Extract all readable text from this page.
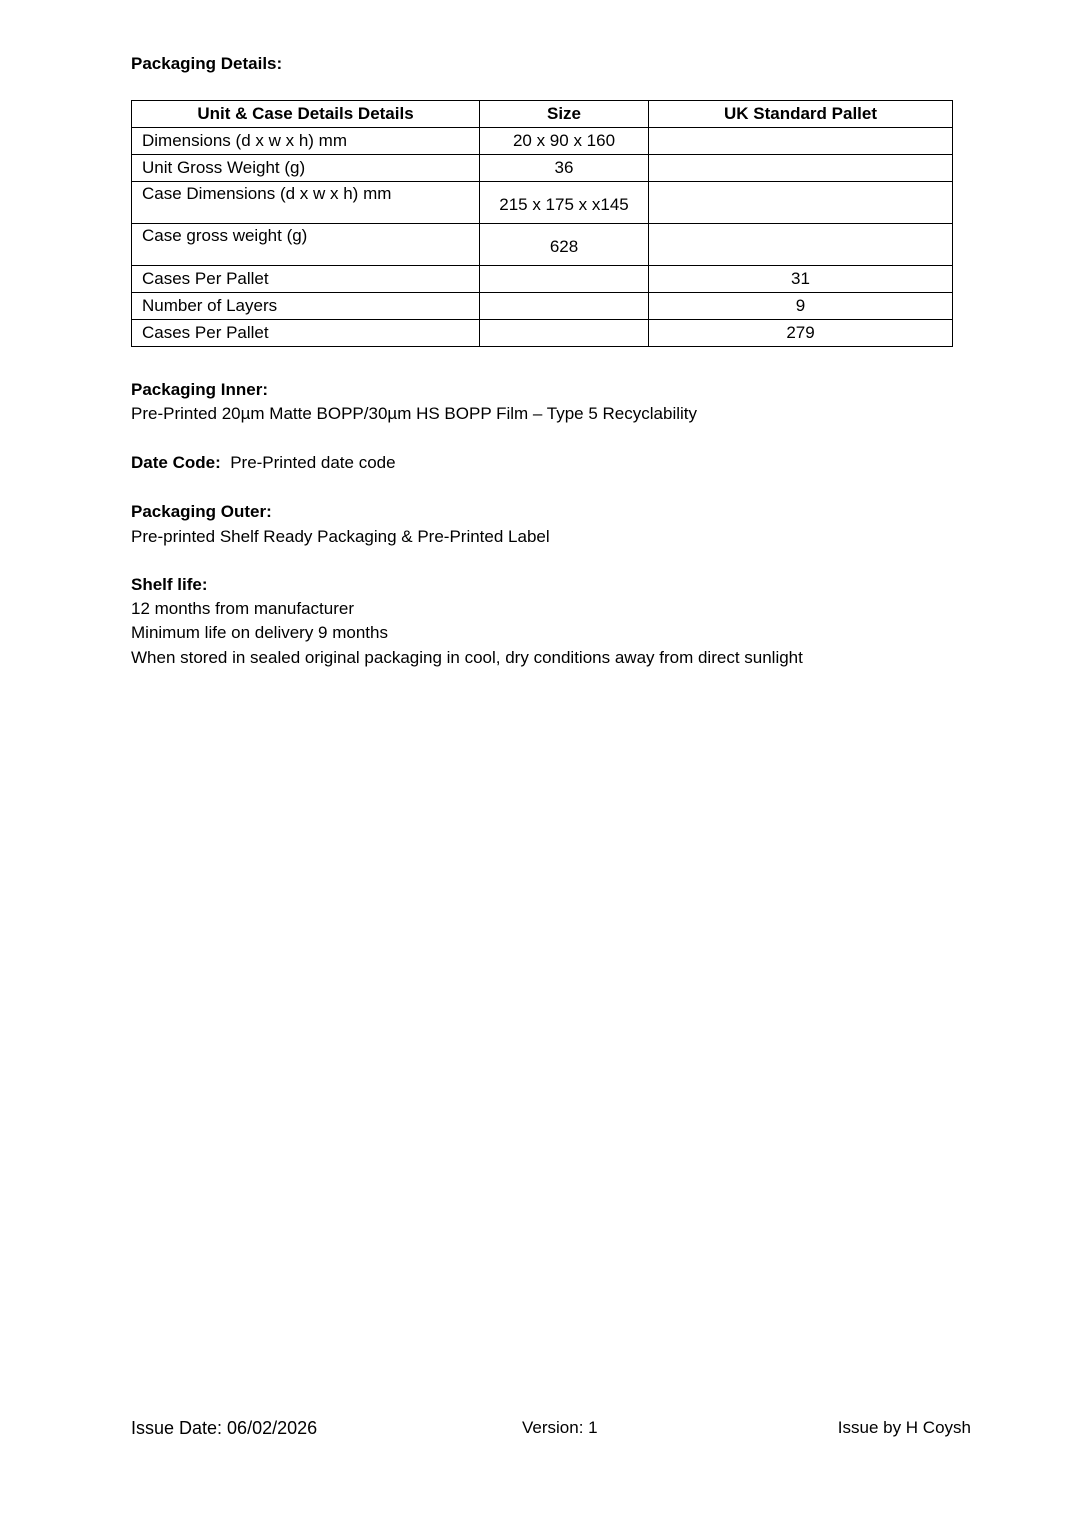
Packaging Details:
Unit & Case Details Details	Size	UK Standard Pallet
Dimensions (d x w x h) mm	20 x 90 x 160	
Unit Gross Weight (g)	36	
Case Dimensions (d x w x h) mm	215 x 175 x x145	
Case gross weight (g)	628	
Cases Per Pallet		31
Number of Layers		9
Cases Per Pallet		279
Packaging Inner:
Pre-Printed 20µm Matte BOPP/30µm HS BOPP Film – Type 5 Recyclability
Date Code: Pre-Printed date code
Packaging Outer:
Pre-printed Shelf Ready Packaging & Pre-Printed Label
Shelf life:
12 months from manufacturer
Minimum life on delivery 9 months
When stored in sealed original packaging in cool, dry conditions away from direct sunlight
Issue Date: 06/02/2026	Version: 1	Issue by H Coysh
